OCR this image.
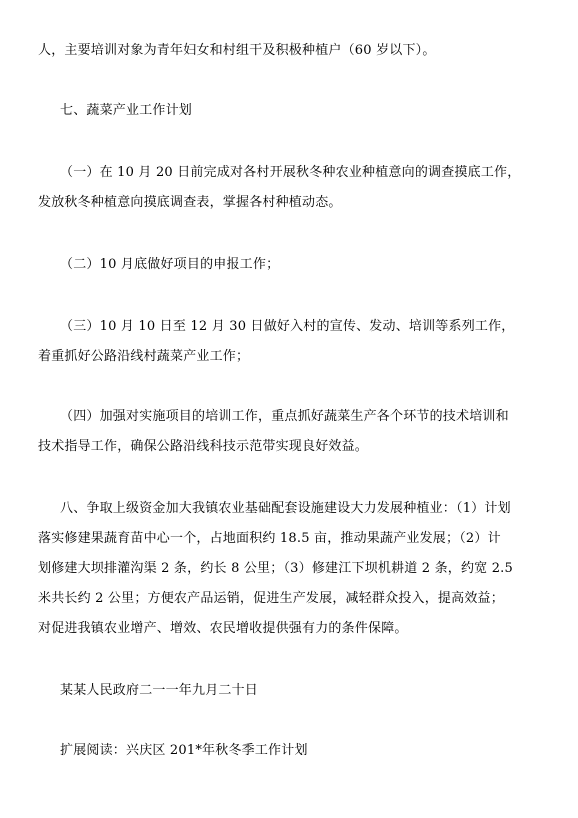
人，主要培训对象为青年妇女和村组干及积极种植户（60 岁以下）。
七、蔬菜产业工作计划
（一）在 10 月 20 日前完成对各村开展秋冬种农业种植意向的调查摸底工作，
发放秋冬种植意向摸底调查表，掌握各村种植动态。
（二）10 月底做好项目的申报工作；
（三）10 月 10 日至 12 月 30 日做好入村的宣传、发动、培训等系列工作，
着重抓好公路沿线村蔬菜产业工作；
（四）加强对实施项目的培训工作，重点抓好蔬菜生产各个环节的技术培训和
技术指导工作，确保公路沿线科技示范带实现良好效益。
八、争取上级资金加大我镇农业基础配套设施建设大力发展种植业：（1）计划
落实修建果蔬育苗中心一个，占地面积约 18.5 亩，推动果蔬产业发展；（2）计
划修建大坝排灌沟渠 2 条，约长 8 公里；（3）修建江下坝机耕道 2 条，约宽 2.5
米共长约 2 公里；方便农产品运销，促进生产发展，减轻群众投入，提高效益；
对促进我镇农业增产、增效、农民增收提供强有力的条件保障。
某某人民政府二一一年九月二十日
扩展阅读：兴庆区 201*年秋冬季工作计划
